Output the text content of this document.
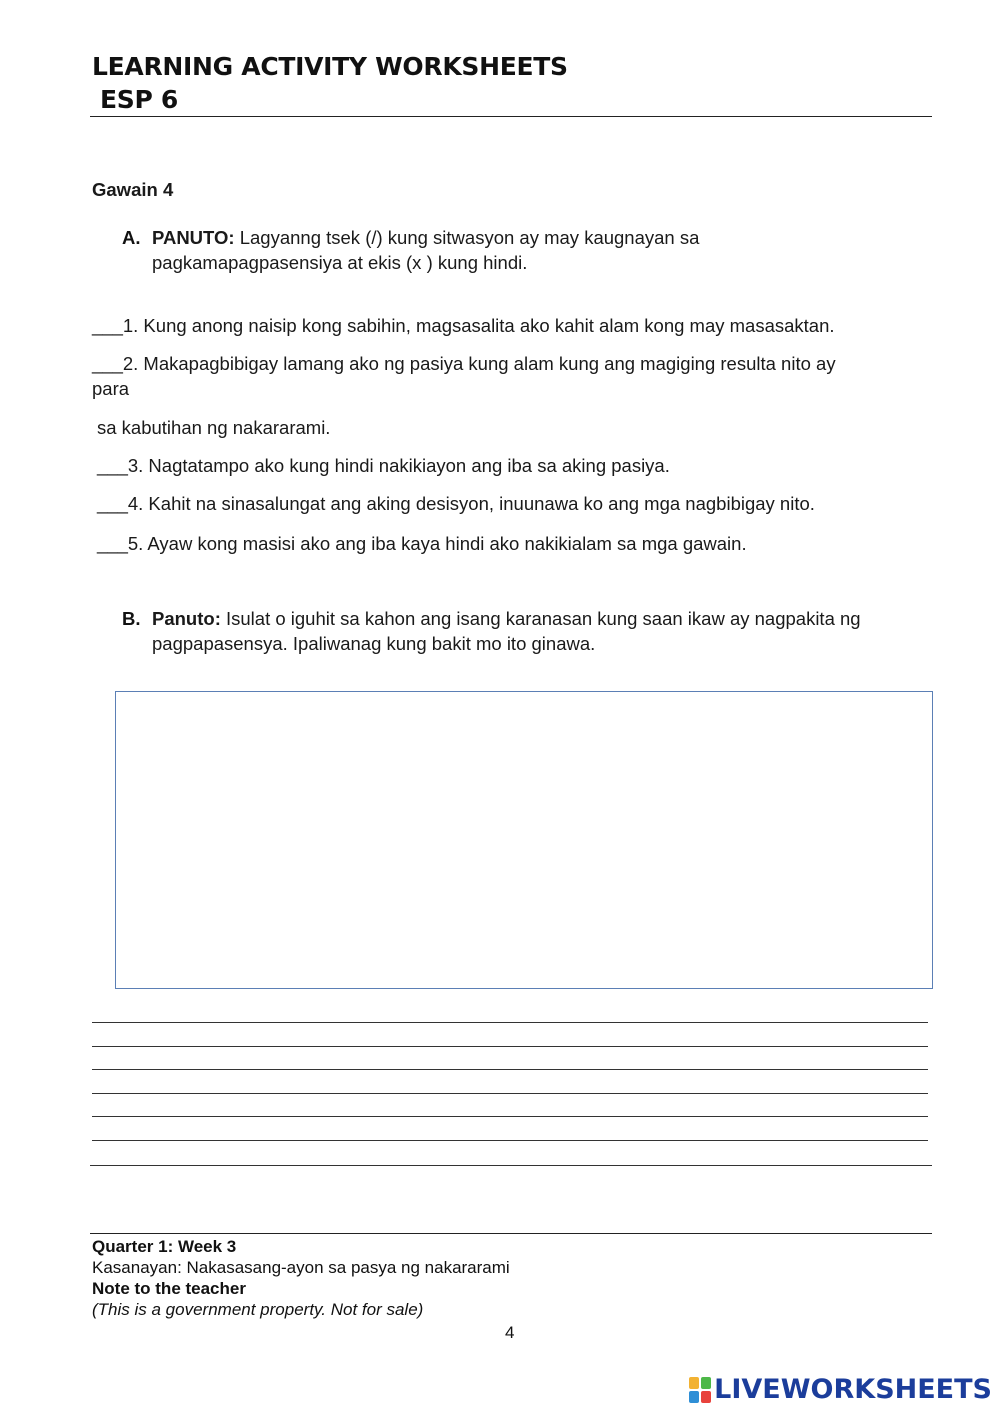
LEARNING ACTIVITY WORKSHEETS
ESP 6
Gawain 4
A. PANUTO: Lagyanng tsek (/) kung sitwasyon ay may kaugnayan sa
pagkamapagpasensiya at ekis (x ) kung hindi.
___1. Kung anong naisip kong sabihin, magsasalita ako kahit alam kong may masasaktan.
___2. Makapagbibigay lamang ako ng pasiya kung alam kung ang magiging resulta nito ay
para
sa kabutihan ng nakararami.
___3. Nagtatampo ako kung hindi nakikiayon ang iba sa aking pasiya.
___4. Kahit na sinasalungat ang aking desisyon, inuunawa ko ang mga nagbibigay nito.
___5. Ayaw kong masisi ako ang iba kaya hindi ako nakikialam sa mga gawain.
B. Panuto: Isulat o iguhit sa kahon ang isang karanasan kung saan ikaw ay nagpakita ng
pagpapasensya. Ipaliwanag kung bakit mo ito ginawa.
Quarter 1: Week 3
Kasanayan: Nakasasang-ayon sa pasya ng nakararami
Note to the teacher
(This is a government property. Not for sale)
4
LIVEWORKSHEETS
